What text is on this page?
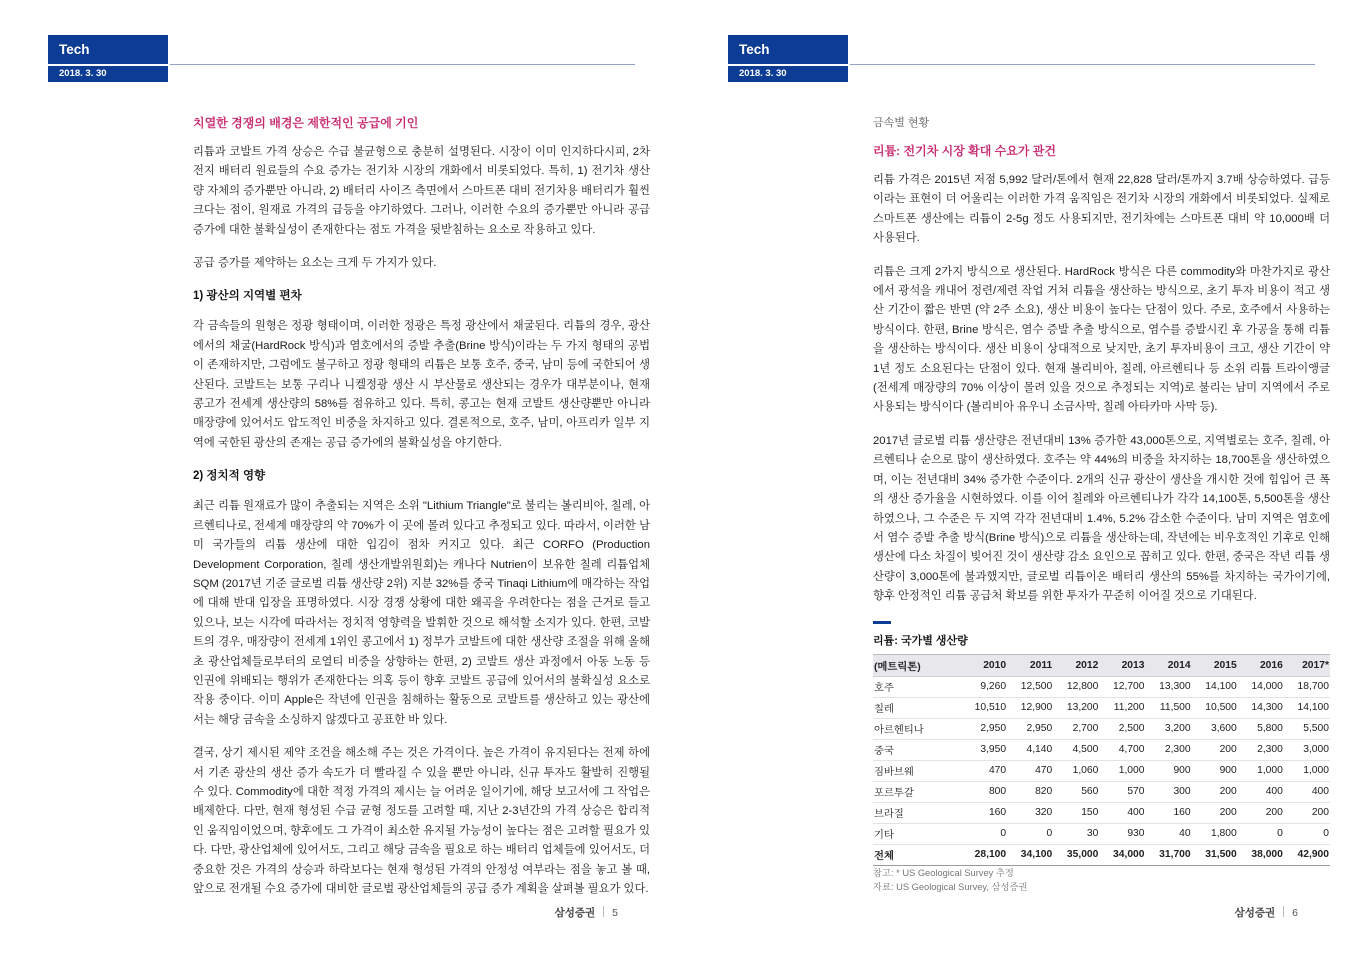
Tech
2018. 3. 30
치열한 경쟁의 배경은 제한적인 공급에 기인

리튬과 코발트 가격 상승은 수급 불균형으로 충분히 설명된다. 시장이 이미 인지하다시피, 2차전지 배터리 원료들의 수요 증가는 전기차 시장의 개화에서 비롯되었다. 특히, 1) 전기차 생산량 자체의 증가뿐만 아니라, 2) 배터리 사이즈 측면에서 스마트폰 대비 전기차용 배터리가 훨씬 크다는 점이, 원재료 가격의 급등을 야기하였다. 그러나, 이러한 수요의 증가뿐만 아니라 공급 증가에 대한 불확실성이 존재한다는 점도 가격을 뒷받침하는 요소로 작용하고 있다.

공급 증가를 제약하는 요소는 크게 두 가지가 있다.

1) 광산의 지역별 편차

각 금속들의 원형은 정광 형태이며, 이러한 정광은 특정 광산에서 채굴된다. 리튬의 경우, 광산에서의 채굴(HardRock 방식)과 염호에서의 증발 추출(Brine 방식)이라는 두 가지 형태의 공법이 존재하지만, 그럼에도 불구하고 정광 형태의 리튬은 보통 호주, 중국, 남미 등에 국한되어 생산된다. 코발트는 보통 구리나 니켈정광 생산 시 부산물로 생산되는 경우가 대부분이나, 현재 콩고가 전세계 생산량의 58%를 점유하고 있다. 특히, 콩고는 현재 코발트 생산량뿐만 아니라 매장량에 있어서도 압도적인 비중을 차지하고 있다. 결론적으로, 호주, 남미, 아프리카 일부 지역에 국한된 광산의 존재는 공급 증가에의 불확실성을 야기한다.

2) 정치적 영향

최근 리튬 원재료가 많이 추출되는 지역은 소위 "Lithium Triangle"로 불리는 볼리비아, 칠레, 아르헨티나로, 전세계 매장량의 약 70%가 이 곳에 몰려 있다고 추정되고 있다. 따라서, 이러한 남미 국가들의 리튬 생산에 대한 입김이 점차 커지고 있다. 최근 CORFO (Production Development Corporation, 칠레 생산개발위원회)는 캐나다 Nutrien이 보유한 칠레 리튬업체 SQM (2017년 기준 글로벌 리튬 생산량 2위) 지분 32%를 중국 Tinaqi Lithium에 매각하는 작업에 대해 반대 입장을 표명하였다. 시장 경쟁 상황에 대한 왜곡을 우려한다는 점을 근거로 들고 있으나, 보는 시각에 따라서는 정치적 영향력을 발휘한 것으로 해석할 소지가 있다. 한편, 코발트의 경우, 매장량이 전세계 1위인 콩고에서 1) 정부가 코발트에 대한 생산량 조절을 위해 올해 초 광산업체들로부터의 로열티 비중을 상향하는 한편, 2) 코발트 생산 과정에서 아동 노동 등 인권에 위배되는 행위가 존재한다는 의혹 등이 향후 코발트 공급에 있어서의 불확실성 요소로 작용 중이다. 이미 Apple은 작년에 인권을 침해하는 활동으로 코발트를 생산하고 있는 광산에서는 해당 금속을 소싱하지 않겠다고 공표한 바 있다.

결국, 상기 제시된 제약 조건을 해소해 주는 것은 가격이다. 높은 가격이 유지된다는 전제 하에서 기존 광산의 생산 증가 속도가 더 빨라질 수 있을 뿐만 아니라, 신규 투자도 활발히 진행될 수 있다. Commodity에 대한 적정 가격의 제시는 늘 어려운 일이기에, 해당 보고서에 그 작업은 배제한다. 다만, 현재 형성된 수급 균형 정도를 고려할 때, 지난 2-3년간의 가격 상승은 합리적인 움직임이었으며, 향후에도 그 가격이 최소한 유지될 가능성이 높다는 점은 고려할 필요가 있다. 다만, 광산업체에 있어서도, 그리고 해당 금속을 필요로 하는 배터리 업체들에 있어서도, 더 중요한 것은 가격의 상승과 하락보다는 현재 형성된 가격의 안정성 여부라는 점을 놓고 볼 때, 앞으로 전개될 수요 증가에 대비한 글로벌 광산업체들의 공급 증가 계획을 살펴볼 필요가 있다.

삼성증권 5
Tech
2018. 3. 30
금속별 현황
리튬: 전기차 시장 확대 수요가 관건

리튬 가격은 2015년 저점 5,992 달러/톤에서 현재 22,828 달러/톤까지 3.7배 상승하였다. 급등이라는 표현이 더 어울리는 이러한 가격 움직임은 전기차 시장의 개화에서 비롯되었다. 실제로 스마트폰 생산에는 리튬이 2-5g 정도 사용되지만, 전기차에는 스마트폰 대비 약 10,000배 더 사용된다.

리튬은 크게 2가지 방식으로 생산된다. HardRock 방식은 다른 commodity와 마찬가지로 광산에서 광석을 캐내어 정련/제련 작업 거쳐 리튬을 생산하는 방식으로, 초기 투자 비용이 적고 생산 기간이 짧은 반면 (약 2주 소요), 생산 비용이 높다는 단점이 있다. 주로, 호주에서 사용하는 방식이다. 한편, Brine 방식은, 염수 증발 추출 방식으로, 염수를 증발시킨 후 가공을 통해 리튬을 생산하는 방식이다. 생산 비용이 상대적으로 낮지만, 초기 투자비용이 크고, 생산 기간이 약 1년 정도 소요된다는 단점이 있다. 현재 볼리비아, 칠레, 아르헨티나 등 소위 리튬 트라이앵글(전세계 매장량의 70% 이상이 몰려 있을 것으로 추정되는 지역)로 불리는 남미 지역에서 주로 사용되는 방식이다 (볼리비아 유우니 소금사막, 칠레 아타카마 사막 등).

2017년 글로벌 리튬 생산량은 전년대비 13% 증가한 43,000톤으로, 지역별로는 호주, 칠레, 아르헨티나 순으로 많이 생산하였다. 호주는 약 44%의 비중을 차지하는 18,700톤을 생산하였으며, 이는 전년대비 34% 증가한 수준이다. 2개의 신규 광산이 생산을 개시한 것에 힘입어 큰 폭의 생산 증가율을 시현하였다. 이를 이어 칠레와 아르헨티나가 각각 14,100톤, 5,500톤을 생산하였으나, 그 수준은 두 지역 각각 전년대비 1.4%, 5.2% 감소한 수준이다. 남미 지역은 염호에서 염수 증발 추출 방식(Brine 방식)으로 리튬을 생산하는데, 작년에는 비우호적인 기후로 인해 생산에 다소 차질이 빚어진 것이 생산량 감소 요인으로 꼽히고 있다. 한편, 중국은 작년 리튬 생산량이 3,000톤에 불과했지만, 글로벌 리튬이온 배터리 생산의 55%를 차지하는 국가이기에, 향후 안정적인 리튬 공급처 확보를 위한 투자가 꾸준히 이어질 것으로 기대된다.

리튬: 국가별 생산량
(메트릭톤)	2010	2011	2012	2013	2014	2015	2016	2017*
호주	9,260	12,500	12,800	12,700	13,300	14,100	14,000	18,700
칠레	10,510	12,900	13,200	11,200	11,500	10,500	14,300	14,100
아르헨티나	2,950	2,950	2,700	2,500	3,200	3,600	5,800	5,500
중국	3,950	4,140	4,500	4,700	2,300	200	2,300	3,000
짐바브웨	470	470	1,060	1,000	900	900	1,000	1,000
포르투갈	800	820	560	570	300	200	400	400
브라질	160	320	150	400	160	200	200	200
기타	0	0	30	930	40	1,800	0	0
전체	28,100	34,100	35,000	34,000	31,700	31,500	38,000	42,900
참고: * US Geological Survey 추정
자료: US Geological Survey, 삼성증권
삼성증권 6
